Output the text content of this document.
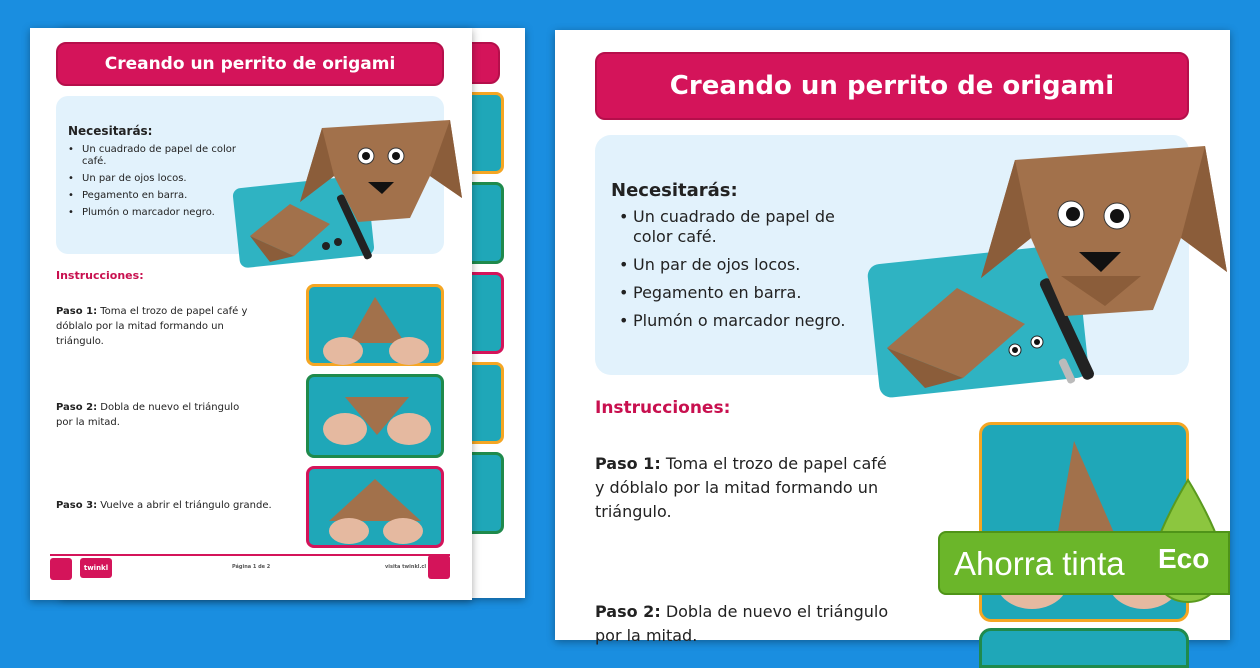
Creando un perrito de origami
Necesitarás:
• Un cuadrado de papel de color café.
• Un par de ojos locos.
• Pegamento en barra.
• Plumón o marcador negro.
Instrucciones:
Paso 1: Toma el trozo de papel café y dóblalo por la mitad formando un triángulo.
Paso 2: Dobla de nuevo el triángulo por la mitad.
Paso 3: Vuelve a abrir el triángulo grande.
twinkl	Página 1 de 2	visita twinkl.cl
Creando un perrito de origami
Necesitarás:
• Un cuadrado de papel de color café.
• Un par de ojos locos.
• Pegamento en barra.
• Plumón o marcador negro.
Instrucciones:
Paso 1: Toma el trozo de papel café y dóblalo por la mitad formando un triángulo.
Paso 2: Dobla de nuevo el triángulo por la mitad.
Ahorra tinta Eco
